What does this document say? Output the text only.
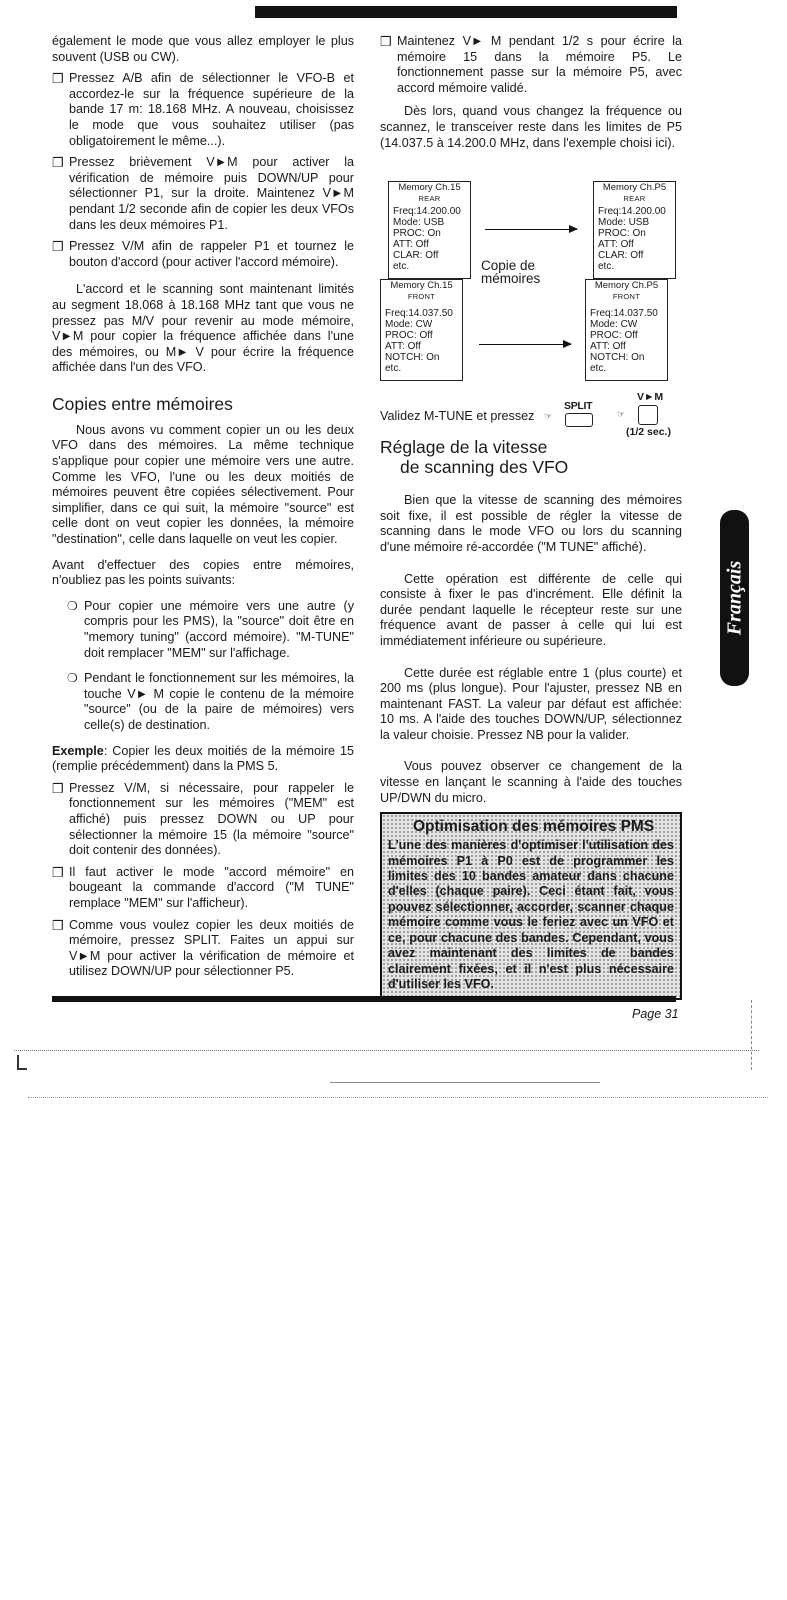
également le mode que vous allez employer le plus souvent (USB ou CW).

❒ Pressez A/B afin de sélectionner le VFO-B et accordez-le sur la fréquence supérieure de la bande 17 m: 18.168 MHz. A nouveau, choisissez le mode que vous souhaitez utiliser (pas obligatoirement le même...).
❒ Pressez brièvement V►M pour activer la vérification de mémoire puis DOWN/UP pour sélectionner P1, sur la droite. Maintenez V►M pendant 1/2 seconde afin de copier les deux VFOs dans les deux mémoires P1.
❒ Pressez V/M afin de rappeler P1 et tournez le bouton d'accord (pour activer l'accord mémoire).

L'accord et le scanning sont maintenant limités au segment 18.068 à 18.168 MHz tant que vous ne pressez pas M/V pour revenir au mode mémoire, V►M pour copier la fréquence affichée dans l'une des mémoires, ou M► V pour écrire la fréquence affichée dans l'un des VFO.

Copies entre mémoires

Nous avons vu comment copier un ou les deux VFO dans des mémoires. La même technique s'applique pour copier une mémoire vers une autre. Comme les VFO, l'une ou les deux moitiés de mémoires peuvent être copiées sélectivement. Pour simplifier, dans ce qui suit, la mémoire "source" est celle dont on veut copier les données, la mémoire "destination", celle dans laquelle on veut les copier.

Avant d'effectuer des copies entre mémoires, n'oubliez pas les points suivants:

❍ Pour copier une mémoire vers une autre (y compris pour les PMS), la "source" doit être en "memory tuning" (accord mémoire). "M-TUNE" doit remplacer "MEM" sur l'affichage.
❍ Pendant le fonctionnement sur les mémoires, la touche V► M copie le contenu de la mémoire "source" (ou de la paire de mémoires) vers celle(s) de destination.

Exemple: Copier les deux moitiés de la mémoire 15 (remplie précédemment) dans la PMS 5.

❒ Pressez V/M, si nécessaire, pour rappeler le fonctionnement sur les mémoires ("MEM" est affiché) puis pressez DOWN ou UP pour sélectionner la mémoire 15 (la mémoire "source" doit contenir des données).
❒ Il faut activer le mode "accord mémoire" en bougeant la commande d'accord ("M TUNE" remplace "MEM" sur l'afficheur).
❒ Comme vous voulez copier les deux moitiés de mémoire, pressez SPLIT. Faites un appui sur V►M pour activer la vérification de mémoire et utilisez DOWN/UP pour sélectionner P5.
❒ Maintenez V► M pendant 1/2 s pour écrire la mémoire 15 dans la mémoire P5. Le fonctionnement passe sur la mémoire P5, avec accord mémoire validé.

Dès lors, quand vous changez la fréquence ou scannez, le transceiver reste dans les limites de P5 (14.037.5 à 14.200.0 MHz, dans l'exemple choisi ici).

Memory Ch.15
REAR
Freq:14.200.00
Mode: USB
PROC: On
ATT: Off
CLAR: Off
etc.
Memory Ch.15
FRONT
Freq:14.037.50
Mode: CW
PROC: Off
ATT: Off
NOTCH: On
etc.
Memory Ch.P5
REAR
Freq:14.200.00
Mode: USB
PROC: On
ATT: Off
CLAR: Off
etc.
Memory Ch.P5
FRONT
Freq:14.037.50
Mode: CW
PROC: Off
ATT: Off
NOTCH: On
etc.
Copie de
mémoires
Validez M-TUNE et pressez ☞
SPLIT
☞
V►M
(1/2 sec.)
Réglage de la vitesse
de scanning des VFO

Bien que la vitesse de scanning des mémoires soit fixe, il est possible de régler la vitesse de scanning dans le mode VFO ou lors du scanning d'une mémoire ré-accordée ("M TUNE" affiché).

Cette opération est différente de celle qui consiste à fixer le pas d'incrément. Elle définit la durée pendant laquelle le récepteur reste sur une fréquence avant de passer à celle qui lui est immédiatement inférieure ou supérieure.

Cette durée est réglable entre 1 (plus courte) et 200 ms (plus longue). Pour l'ajuster, pressez NB en maintenant FAST. La valeur par défaut est affichée: 10 ms. A l'aide des touches DOWN/UP, sélectionnez la valeur choisie. Pressez NB pour la valider.

Vous pouvez observer ce changement de la vitesse en lançant le scanning à l'aide des touches UP/DWN du micro.

Optimisation des mémoires PMS

L'une des manières d'optimiser l'utilisation des mémoires P1 à P0 est de programmer les limites des 10 bandes amateur dans chacune d'elles (chaque paire). Ceci étant fait, vous pouvez sélectionner, accorder, scanner chaque mémoire comme vous le feriez avec un VFO et ce, pour chacune des bandes. Cependant, vous avez maintenant des limites de bandes clairement fixées, et il n'est plus nécessaire d'utiliser les VFO.

Français
Page 31
